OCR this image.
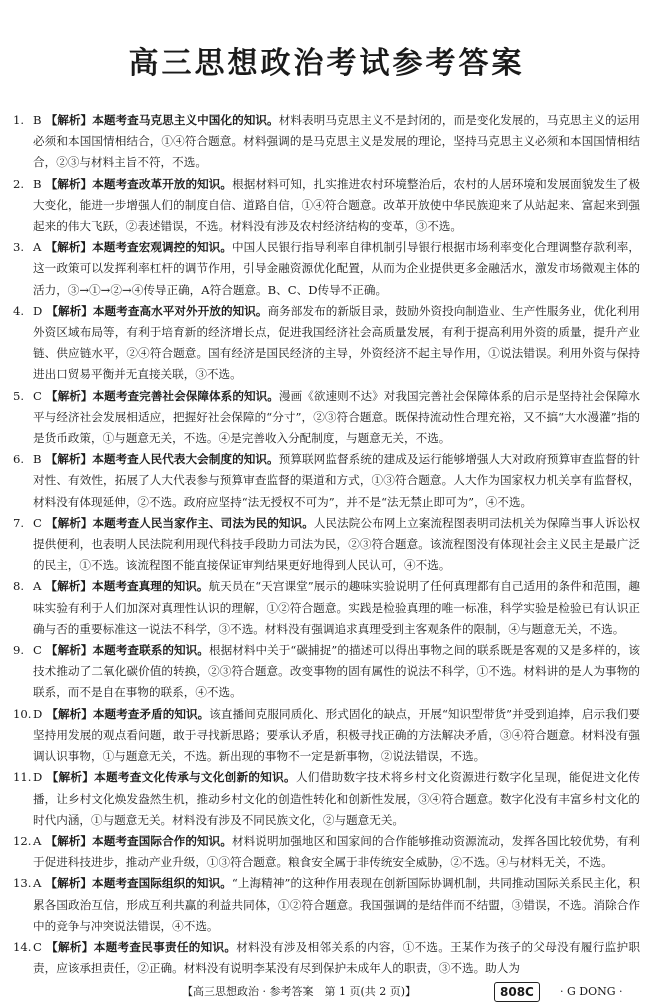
高三思想政治考试参考答案

1. B 【解析】本题考查马克思主义中国化的知识。材料表明马克思主义不是封闭的，而是变化发展的，马克思主义的运用必须和本国国情相结合，①④符合题意。材料强调的是马克思主义是发展的理论，坚持马克思主义必须和本国国情相结合，②③与材料主旨不符，不选。

2. B 【解析】本题考查改革开放的知识。根据材料可知，扎实推进农村环境整治后，农村的人居环境和发展面貌发生了极大变化，能进一步增强人们的制度自信、道路自信，①④符合题意。改革开放使中华民族迎来了从站起来、富起来到强起来的伟大飞跃，②表述错误，不选。材料没有涉及农村经济结构的变革，③不选。

3. A 【解析】本题考查宏观调控的知识。中国人民银行指导利率自律机制引导银行根据市场利率变化合理调整存款利率，这一政策可以发挥利率杠杆的调节作用，引导金融资源优化配置，从而为企业提供更多金融活水，激发市场微观主体的活力，③→①→②→④传导正确，A符合题意。B、C、D传导不正确。

4. D 【解析】本题考查高水平对外开放的知识。商务部发布的新版目录，鼓励外资投向制造业、生产性服务业，优化利用外资区域布局等，有利于培育新的经济增长点，促进我国经济社会高质量发展，有利于提高利用外资的质量，提升产业链、供应链水平，②④符合题意。国有经济是国民经济的主导，外资经济不起主导作用，①说法错误。利用外资与保持进出口贸易平衡并无直接关联，③不选。

5. C 【解析】本题考查完善社会保障体系的知识。漫画《欲速则不达》对我国完善社会保障体系的启示是坚持社会保障水平与经济社会发展相适应，把握好社会保障的“分寸”，②③符合题意。既保持流动性合理充裕，又不搞“大水漫灌”指的是货币政策，①与题意无关，不选。④是完善收入分配制度，与题意无关，不选。

6. B 【解析】本题考查人民代表大会制度的知识。预算联网监督系统的建成及运行能够增强人大对政府预算审查监督的针对性、有效性，拓展了人大代表参与预算审查监督的渠道和方式，①③符合题意。人大作为国家权力机关享有监督权，材料没有体现延伸，②不选。政府应坚持“法无授权不可为”，并不是“法无禁止即可为”，④不选。

7. C 【解析】本题考查人民当家作主、司法为民的知识。人民法院公布网上立案流程图表明司法机关为保障当事人诉讼权提供便利，也表明人民法院利用现代科技手段助力司法为民，②③符合题意。该流程图没有体现社会主义民主是最广泛的民主，①不选。该流程图不能直接保证审判结果更好地得到人民认可，④不选。

8. A 【解析】本题考查真理的知识。航天员在“天宫课堂”展示的趣味实验说明了任何真理都有自己适用的条件和范围，趣味实验有利于人们加深对真理性认识的理解，①②符合题意。实践是检验真理的唯一标准，科学实验是检验已有认识正确与否的重要标准这一说法不科学，③不选。材料没有强调追求真理受到主客观条件的限制，④与题意无关，不选。

9. C 【解析】本题考查联系的知识。根据材料中关于“碳捕捉”的描述可以得出事物之间的联系既是客观的又是多样的，该技术推动了二氧化碳价值的转换，②③符合题意。改变事物的固有属性的说法不科学，①不选。材料讲的是人为事物的联系，而不是自在事物的联系，④不选。

10. D 【解析】本题考查矛盾的知识。该直播间克服同质化、形式固化的缺点，开展“知识型带货”并受到追捧，启示我们要坚持用发展的观点看问题，敢于寻找新思路；要承认矛盾，积极寻找正确的方法解决矛盾，③④符合题意。材料没有强调认识事物，①与题意无关，不选。新出现的事物不一定是新事物，②说法错误，不选。

11. D 【解析】本题考查文化传承与文化创新的知识。人们借助数字技术将乡村文化资源进行数字化呈现，能促进文化传播，让乡村文化焕发盎然生机，推动乡村文化的创造性转化和创新性发展，③④符合题意。数字化没有丰富乡村文化的时代内涵，①与题意无关。材料没有涉及不同民族文化，②与题意无关。

12. A 【解析】本题考查国际合作的知识。材料说明加强地区和国家间的合作能够推动资源流动，发挥各国比较优势，有利于促进科技进步，推动产业升级，①③符合题意。粮食安全属于非传统安全威胁，②不选。④与材料无关，不选。

13. A 【解析】本题考查国际组织的知识。“上海精神”的这种作用表现在创新国际协调机制，共同推动国际关系民主化，积累各国政治互信，形成互利共赢的利益共同体，①②符合题意。我国强调的是结伴而不结盟，③错误，不选。消除合作中的竞争与冲突说法错误，④不选。

14. C 【解析】本题考查民事责任的知识。材料没有涉及相邻关系的内容，①不选。王某作为孩子的父母没有履行监护职责，应该承担责任，②正确。材料没有说明李某没有尽到保护未成年人的职责，③不选。助人为

【高三思想政治 · 参考答案　第 1 页(共 2 页)】	808C	· G DONG ·
